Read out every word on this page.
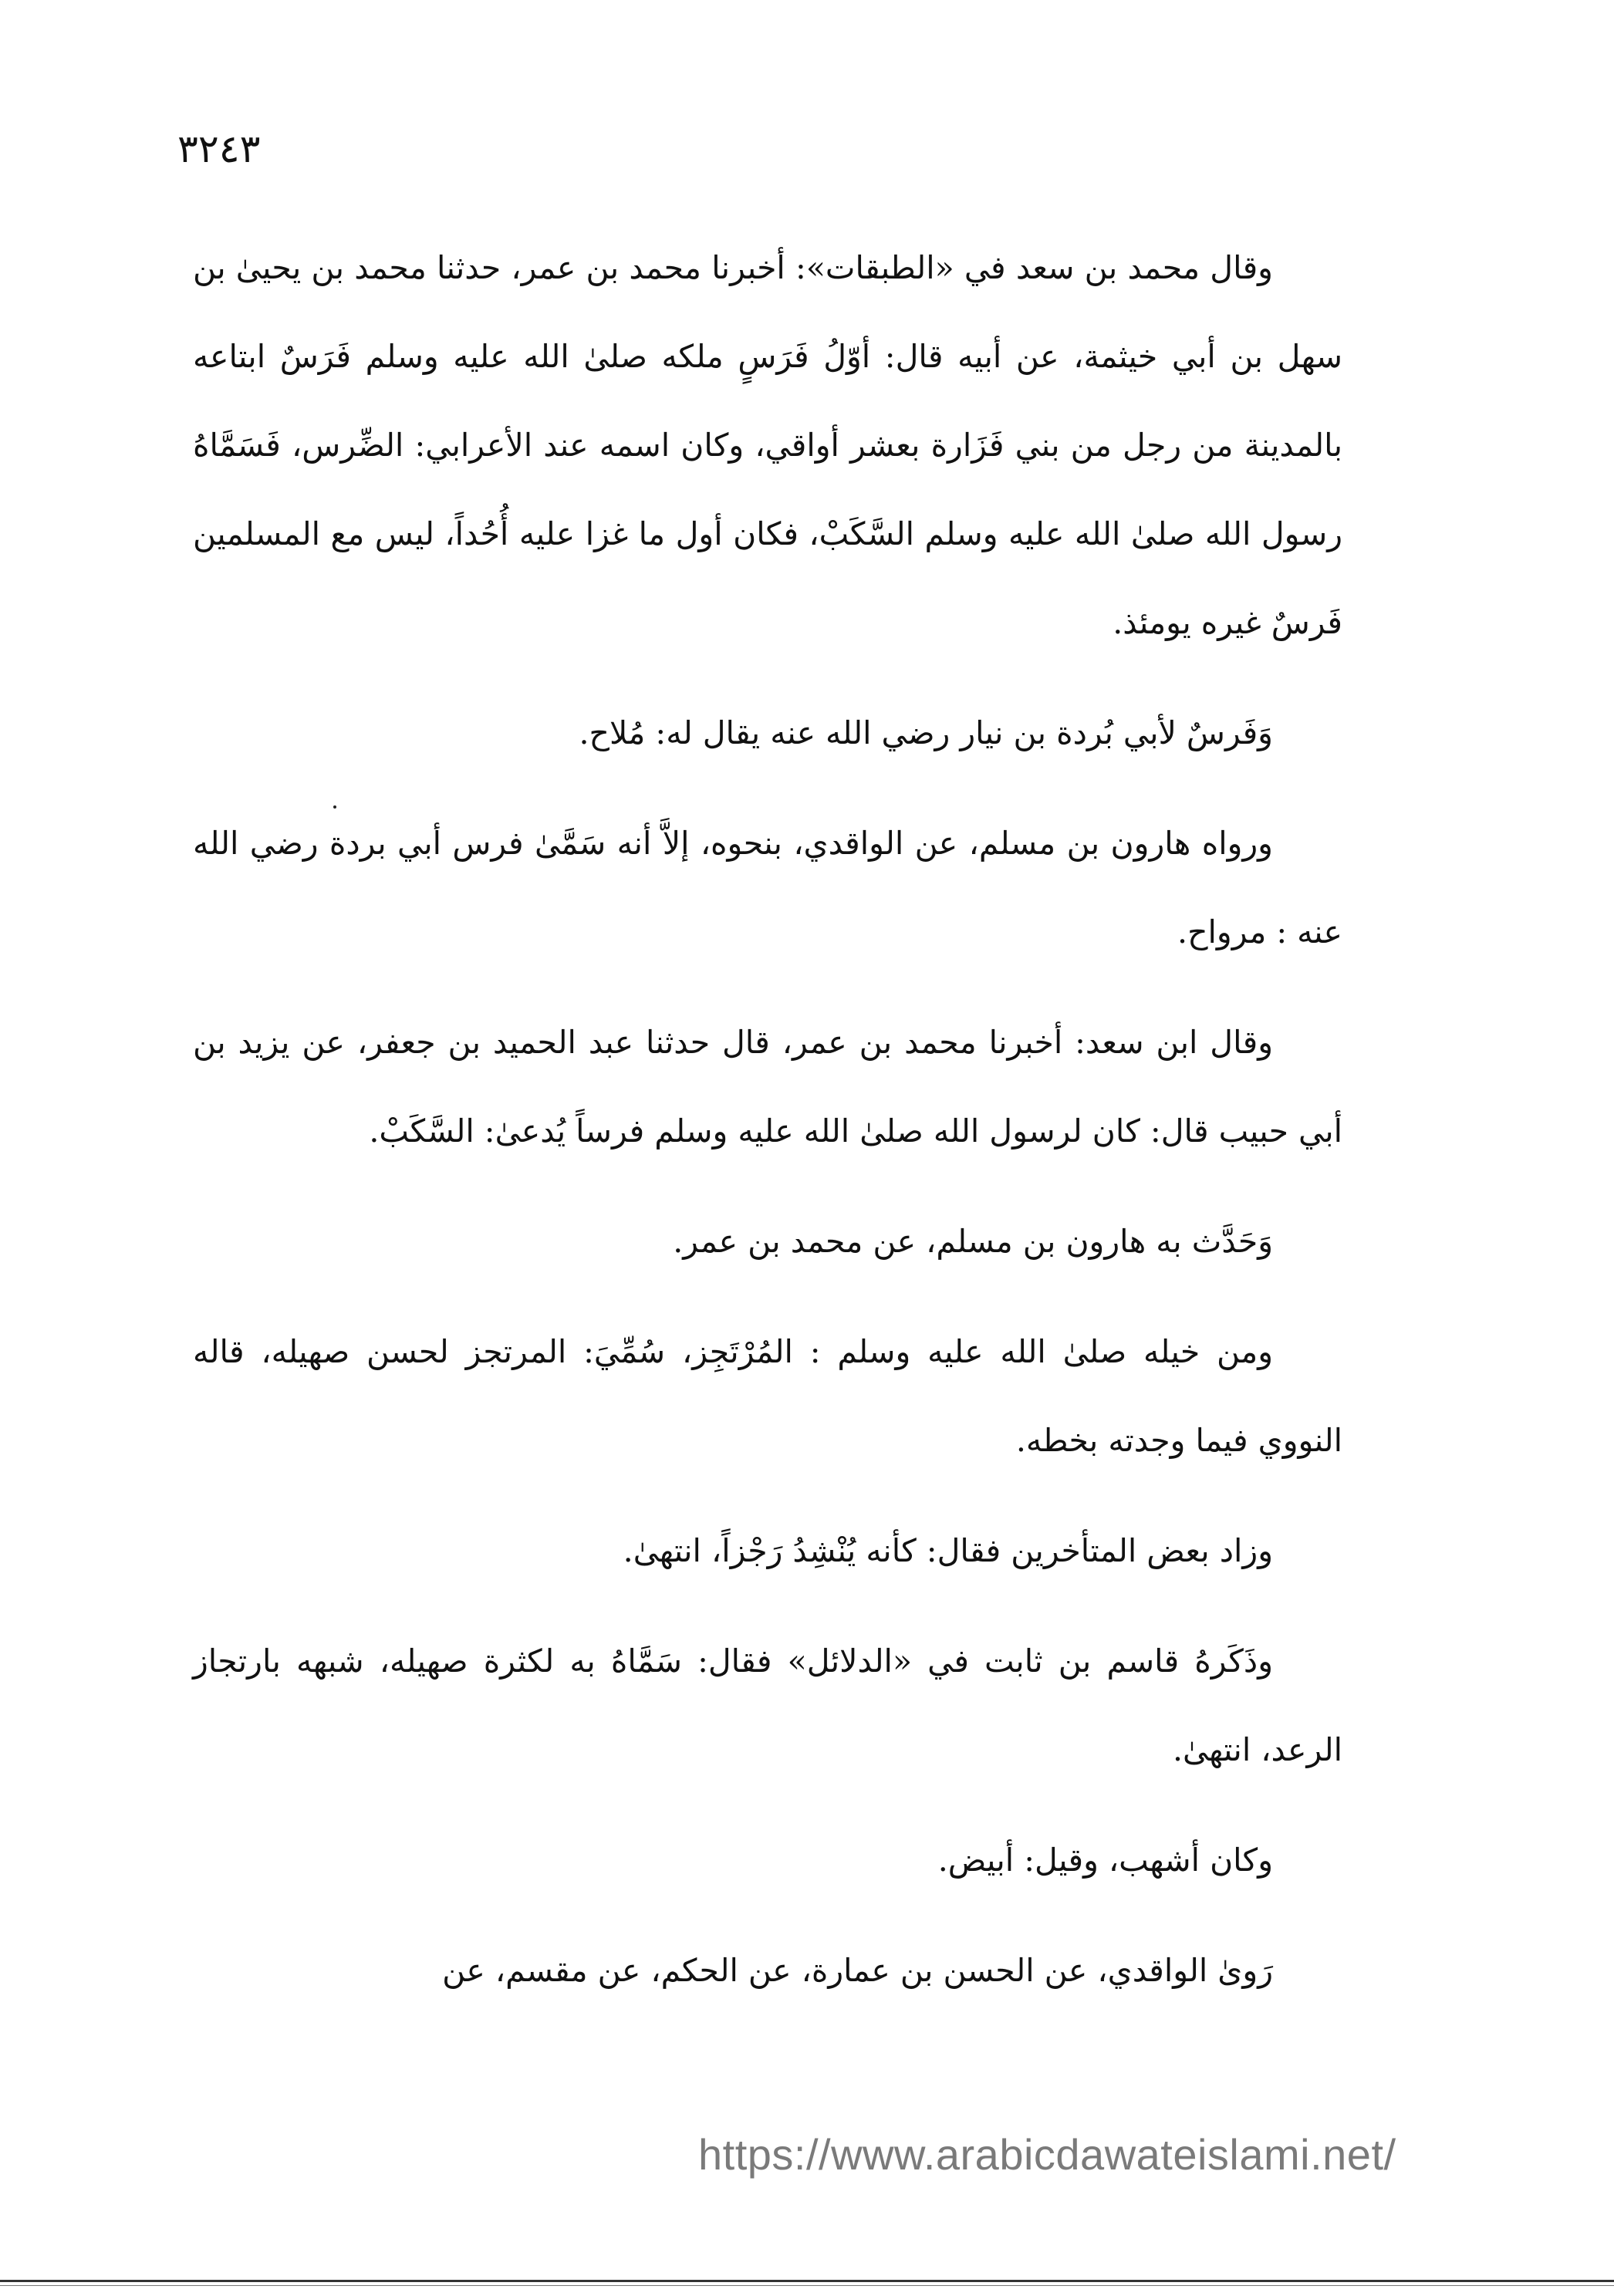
٣٢٤٣

وقال محمد بن سعد في «الطبقات»: أخبرنا محمد بن عمر، حدثنا محمد بن يحيىٰ بن سهل بن أبي خيثمة، عن أبيه قال: أوّلُ فَرَسٍ ملكه صلىٰ الله عليه وسلم فَرَسٌ ابتاعه بالمدينة من رجل من بني فَزَارة بعشر أواقي، وكان اسمه عند الأعرابي: الضِّرس، فَسَمَّاهُ رسول الله صلىٰ الله عليه وسلم السَّكَبْ، فكان أول ما غزا عليه أُحُداً، ليس مع المسلمين فَرسٌ غيره يومئذ.

وَفَرسٌ لأبي بُردة بن نيار رضي الله عنه يقال له: مُلاح.

ورواه هارون بن مسلم، عن الواقدي، بنحوه، إلاَّ أنه سَمَّىٰ فرس أبي بردة رضي الله عنه : مرواح.

وقال ابن سعد: أخبرنا محمد بن عمر، قال حدثنا عبد الحميد بن جعفر، عن يزيد بن أبي حبيب قال: كان لرسول الله صلىٰ الله عليه وسلم فرساً يُدعىٰ: السَّكَبْ.

وَحَدَّث به هارون بن مسلم، عن محمد بن عمر.

ومن خيله صلىٰ الله عليه وسلم : المُرْتَجِز، سُمِّيَ: المرتجز لحسن صهيله، قاله النووي فيما وجدته بخطه.

وزاد بعض المتأخرين فقال: كأنه يُنْشِدُ رَجْزاً، انتهىٰ.

وذَكَرهُ قاسم بن ثابت في «الدلائل» فقال: سَمَّاهُ به لكثرة صهيله، شبهه بارتجاز الرعد، انتهىٰ.

وكان أشهب، وقيل: أبيض.

رَوىٰ الواقدي، عن الحسن بن عمارة، عن الحكم، عن مقسم، عن

https://www.arabicdawateislami.net/
